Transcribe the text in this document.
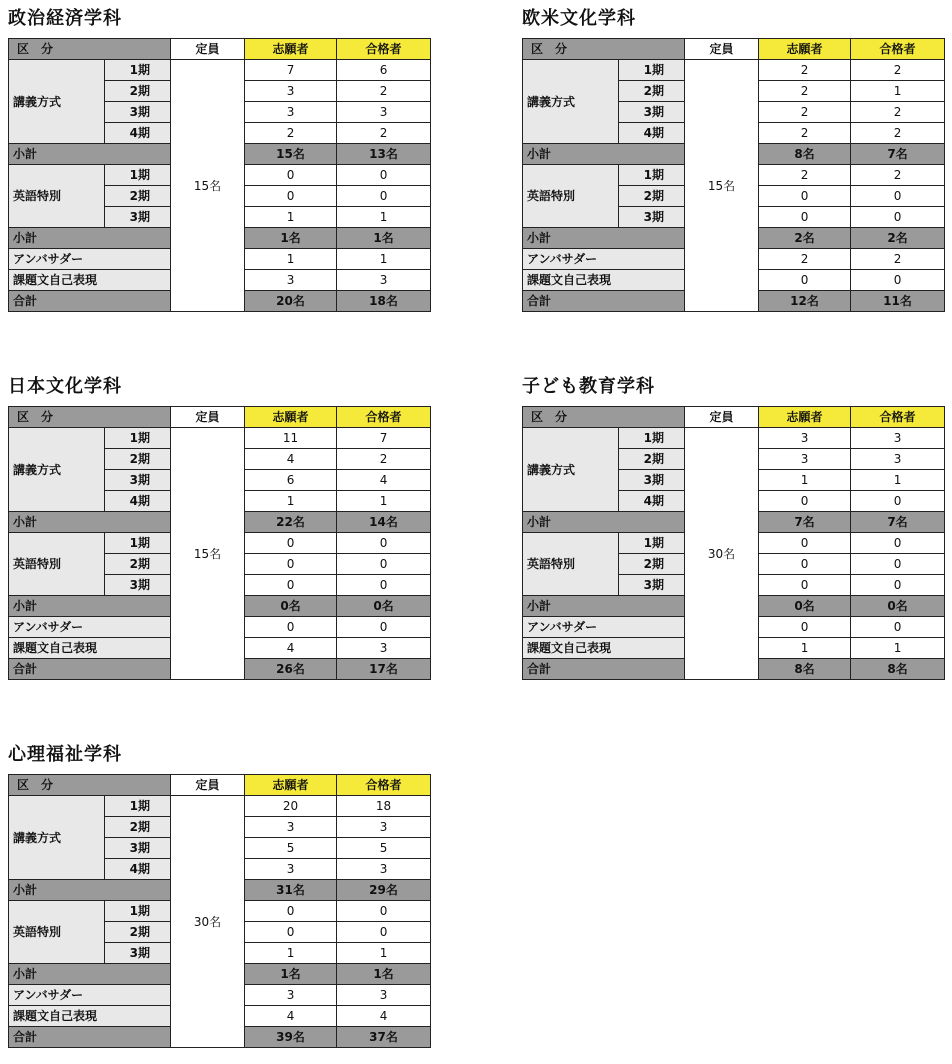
政治経済学科
区　分		定員	志願者	合格者
講義方式	1期	15名	7	6
	2期		3	2
	3期		3	3
	4期		2	2
小計			15名	13名
英語特別	1期		0	0
	2期		0	0
	3期		1	1
小計			1名	1名
アンバサダー			1	1
課題文自己表現			3	3
合計			20名	18名
欧米文化学科
区　分		定員	志願者	合格者
講義方式	1期	15名	2	2
	2期		2	1
	3期		2	2
	4期		2	2
小計			8名	7名
英語特別	1期		2	2
	2期		0	0
	3期		0	0
小計			2名	2名
アンバサダー			2	2
課題文自己表現			0	0
合計			12名	11名
日本文化学科
区　分		定員	志願者	合格者
講義方式	1期	15名	11	7
	2期		4	2
	3期		6	4
	4期		1	1
小計			22名	14名
英語特別	1期		0	0
	2期		0	0
	3期		0	0
小計			0名	0名
アンバサダー			0	0
課題文自己表現			4	3
合計			26名	17名
子ども教育学科
区　分		定員	志願者	合格者
講義方式	1期	30名	3	3
	2期		3	3
	3期		1	1
	4期		0	0
小計			7名	7名
英語特別	1期		0	0
	2期		0	0
	3期		0	0
小計			0名	0名
アンバサダー			0	0
課題文自己表現			1	1
合計			8名	8名
心理福祉学科
区　分		定員	志願者	合格者
講義方式	1期	30名	20	18
	2期		3	3
	3期		5	5
	4期		3	3
小計			31名	29名
英語特別	1期		0	0
	2期		0	0
	3期		1	1
小計			1名	1名
アンバサダー			3	3
課題文自己表現			4	4
合計			39名	37名
